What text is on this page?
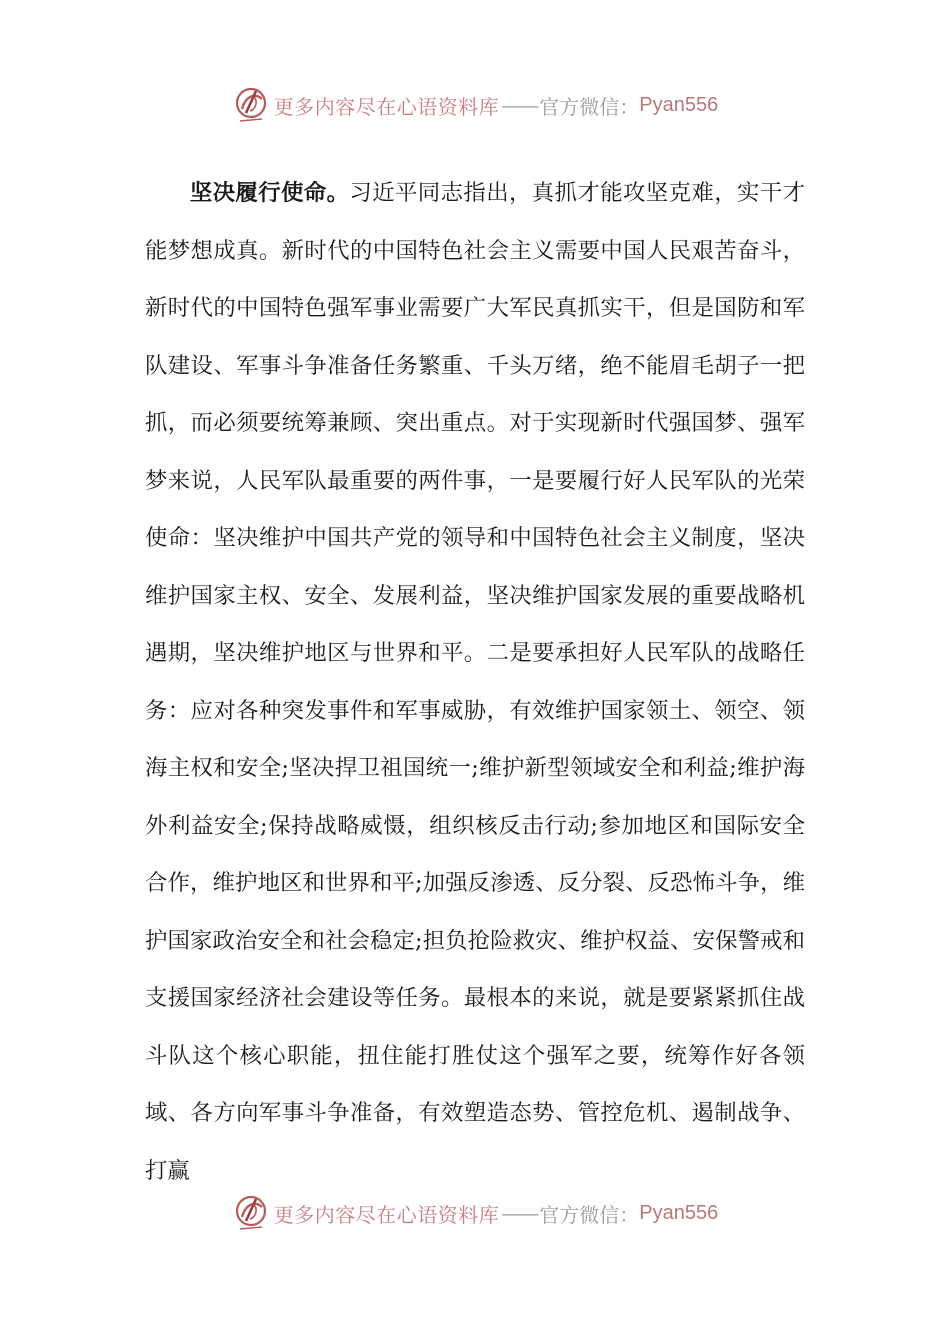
更多内容尽在心语资料库 —— 官方微信： Pyan556

坚决履行使命。习近平同志指出，真抓才能攻坚克难，实干才能梦想成真。新时代的中国特色社会主义需要中国人民艰苦奋斗，新时代的中国特色强军事业需要广大军民真抓实干，但是国防和军队建设、军事斗争准备任务繁重、千头万绪，绝不能眉毛胡子一把抓，而必须要统筹兼顾、突出重点。对于实现新时代强国梦、强军梦来说，人民军队最重要的两件事，一是要履行好人民军队的光荣使命：坚决维护中国共产党的领导和中国特色社会主义制度，坚决维护国家主权、安全、发展利益，坚决维护国家发展的重要战略机遇期，坚决维护地区与世界和平。二是要承担好人民军队的战略任务：应对各种突发事件和军事威胁，有效维护国家领土、领空、领海主权和安全;坚决捍卫祖国统一;维护新型领域安全和利益;维护海外利益安全;保持战略威慑，组织核反击行动;参加地区和国际安全合作，维护地区和世界和平;加强反渗透、反分裂、反恐怖斗争，维护国家政治安全和社会稳定;担负抢险救灾、维护权益、安保警戒和支援国家经济社会建设等任务。最根本的来说，就是要紧紧抓住战斗队这个核心职能，扭住能打胜仗这个强军之要，统筹作好各领域、各方向军事斗争准备，有效塑造态势、管控危机、遏制战争、打赢

更多内容尽在心语资料库 —— 官方微信： Pyan556
